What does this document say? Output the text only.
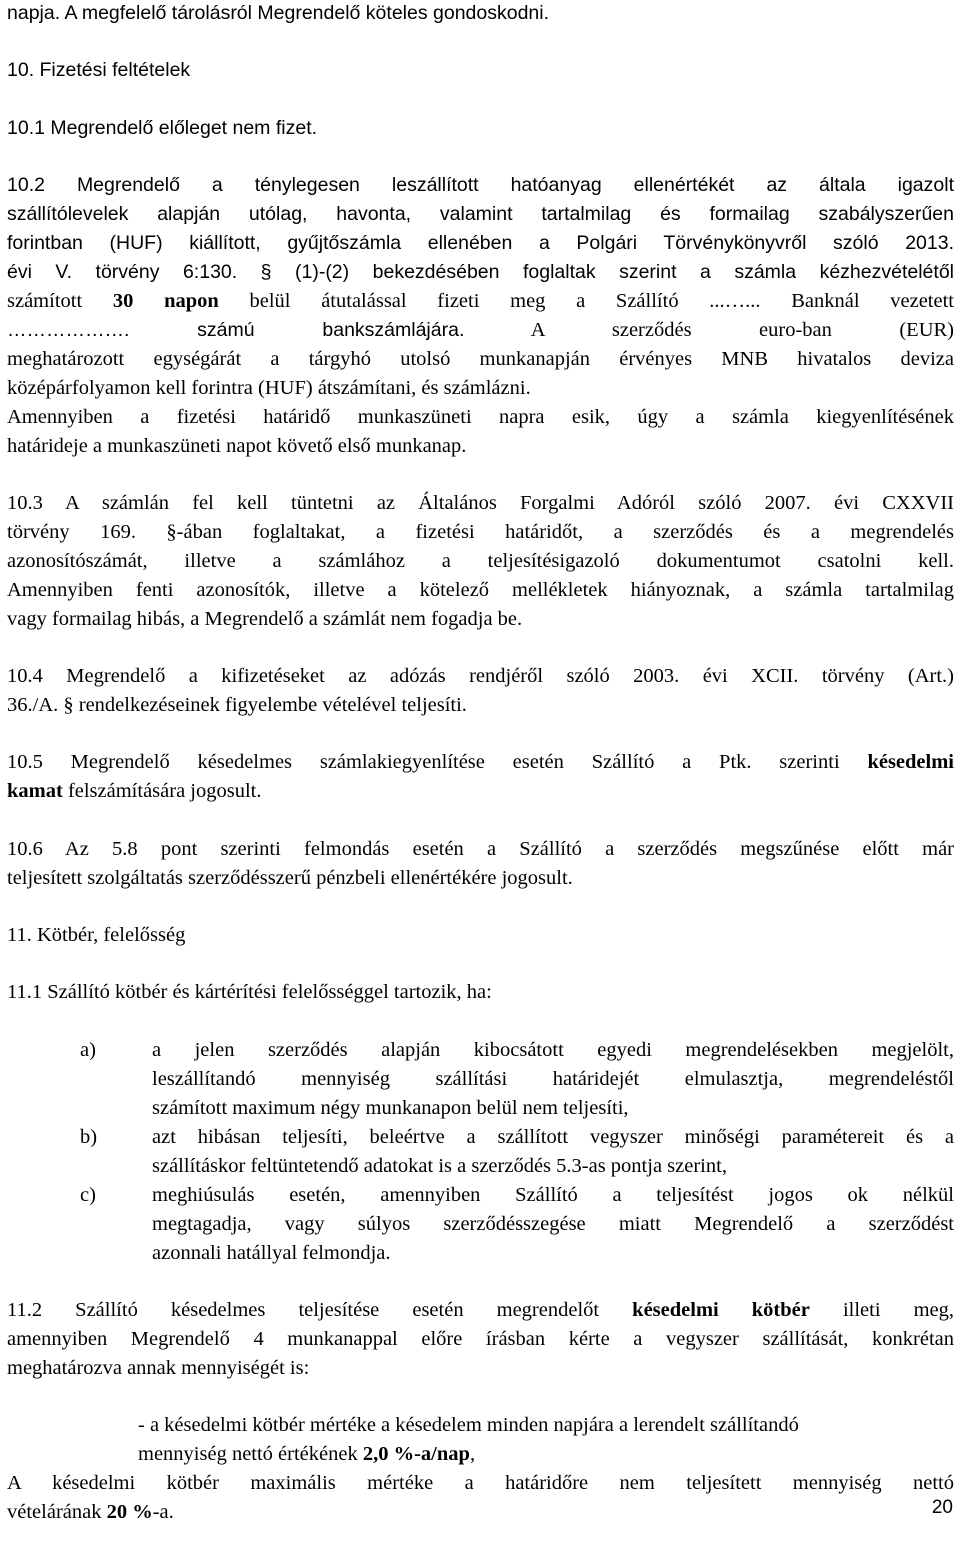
napja. A megfelelő tárolásról Megrendelő köteles gondoskodni.
10. Fizetési feltételek
10.1 Megrendelő előleget nem fizet.
10.2 Megrendelő a ténylegesen leszállított hatóanyag ellenértékét az általa igazolt
szállítólevelek alapján utólag, havonta, valamint tartalmilag és formailag szabályszerűen
forintban (HUF) kiállított, gyűjtőszámla ellenében a Polgári Törvénykönyvről szóló 2013.
évi V. törvény 6:130. § (1)-(2) bekezdésében foglaltak szerint a számla kézhezvételétől
számított 30 napon belül átutalással fizeti meg a Szállító ...…... Banknál vezetett
………………. számú bankszámlájára. A szerződés euro-ban (EUR)
meghatározott egységárát a tárgyhó utolsó munkanapján érvényes MNB hivatalos deviza
középárfolyamon kell forintra (HUF) átszámítani, és számlázni.
Amennyiben a fizetési határidő munkaszüneti napra esik, úgy a számla kiegyenlítésének
határideje a munkaszüneti napot követő első munkanap.
10.3 A számlán fel kell tüntetni az Általános Forgalmi Adóról szóló 2007. évi CXXVII
törvény 169. §-ában foglaltakat, a fizetési határidőt, a szerződés és a megrendelés
azonosítószámát, illetve a számlához a teljesítésigazoló dokumentumot csatolni kell.
Amennyiben fenti azonosítók, illetve a kötelező mellékletek hiányoznak, a számla tartalmilag
vagy formailag hibás, a Megrendelő a számlát nem fogadja be.
10.4 Megrendelő a kifizetéseket az adózás rendjéről szóló 2003. évi XCII. törvény (Art.)
36./A. § rendelkezéseinek figyelembe vételével teljesíti.
10.5 Megrendelő késedelmes számlakiegyenlítése esetén Szállító a Ptk. szerinti késedelmi
kamat felszámítására jogosult.
10.6 Az 5.8 pont szerinti felmondás esetén a Szállító a szerződés megszűnése előtt már
teljesített szolgáltatás szerződésszerű pénzbeli ellenértékére jogosult.
11. Kötbér, felelősség
11.1 Szállító kötbér és kártérítési felelősséggel tartozik, ha:
a)	a jelen szerződés alapján kibocsátott egyedi megrendelésekben megjelölt,
leszállítandó mennyiség szállítási határidejét elmulasztja, megrendeléstől
számított maximum négy munkanapon belül nem teljesíti,
b)	azt hibásan teljesíti, beleértve a szállított vegyszer minőségi paramétereit és a
szállításkor feltüntetendő adatokat is a szerződés 5.3-as pontja szerint,
c)	meghiúsulás esetén, amennyiben Szállító a teljesítést jogos ok nélkül
megtagadja, vagy súlyos szerződésszegése miatt Megrendelő a szerződést
azonnali hatállyal felmondja.
11.2 Szállító késedelmes teljesítése esetén megrendelőt késedelmi kötbér illeti meg,
amennyiben Megrendelő 4 munkanappal előre írásban kérte a vegyszer szállítását, konkrétan
meghatározva annak mennyiségét is:
- a késedelmi kötbér mértéke a késedelem minden napjára a lerendelt szállítandó
mennyiség nettó értékének 2,0 %-a/nap,
A késedelmi kötbér maximális mértéke a határidőre nem teljesített mennyiség nettó
vételárának 20 %-a.	20
